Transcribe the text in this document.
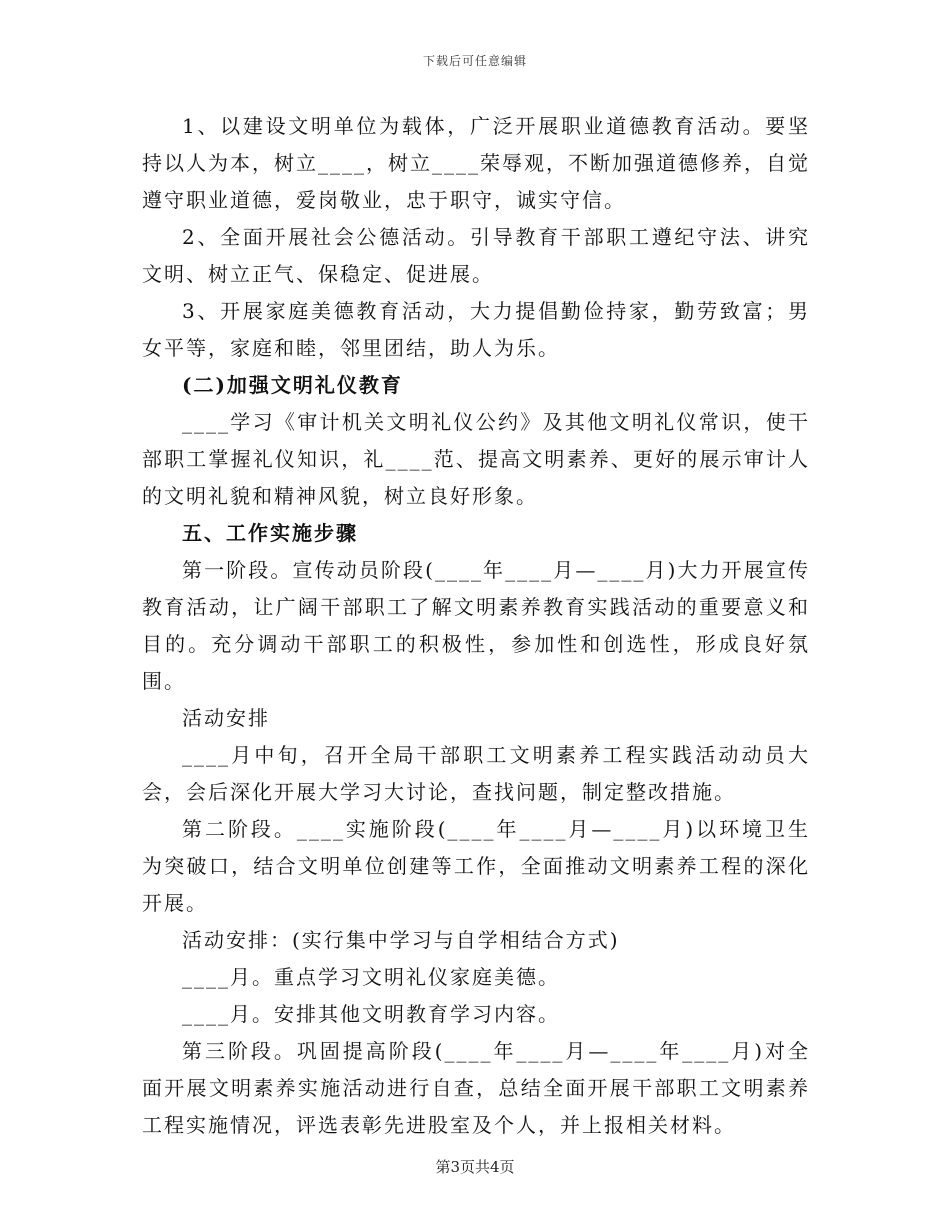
下载后可任意编辑

1、以建设文明单位为载体，广泛开展职业道德教育活动。要坚持以人为本，树立____，树立____荣辱观，不断加强道德修养，自觉遵守职业道德，爱岗敬业，忠于职守，诚实守信。

2、全面开展社会公德活动。引导教育干部职工遵纪守法、讲究文明、树立正气、保稳定、促进展。

3、开展家庭美德教育活动，大力提倡勤俭持家，勤劳致富；男女平等，家庭和睦，邻里团结，助人为乐。

(二)加强文明礼仪教育

____学习《审计机关文明礼仪公约》及其他文明礼仪常识，使干部职工掌握礼仪知识，礼____范、提高文明素养、更好的展示审计人的文明礼貌和精神风貌，树立良好形象。

五、工作实施步骤

第一阶段。宣传动员阶段(____年____月—____月)大力开展宣传教育活动，让广阔干部职工了解文明素养教育实践活动的重要意义和目的。充分调动干部职工的积极性，参加性和创选性，形成良好氛围。

活动安排

____月中旬，召开全局干部职工文明素养工程实践活动动员大会，会后深化开展大学习大讨论，查找问题，制定整改措施。

第二阶段。____实施阶段(____年____月—____月)以环境卫生为突破口，结合文明单位创建等工作，全面推动文明素养工程的深化开展。

活动安排：(实行集中学习与自学相结合方式)

____月。重点学习文明礼仪家庭美德。

____月。安排其他文明教育学习内容。

第三阶段。巩固提高阶段(____年____月—____年____月)对全面开展文明素养实施活动进行自查，总结全面开展干部职工文明素养工程实施情况，评选表彰先进股室及个人，并上报相关材料。

第3页共4页
